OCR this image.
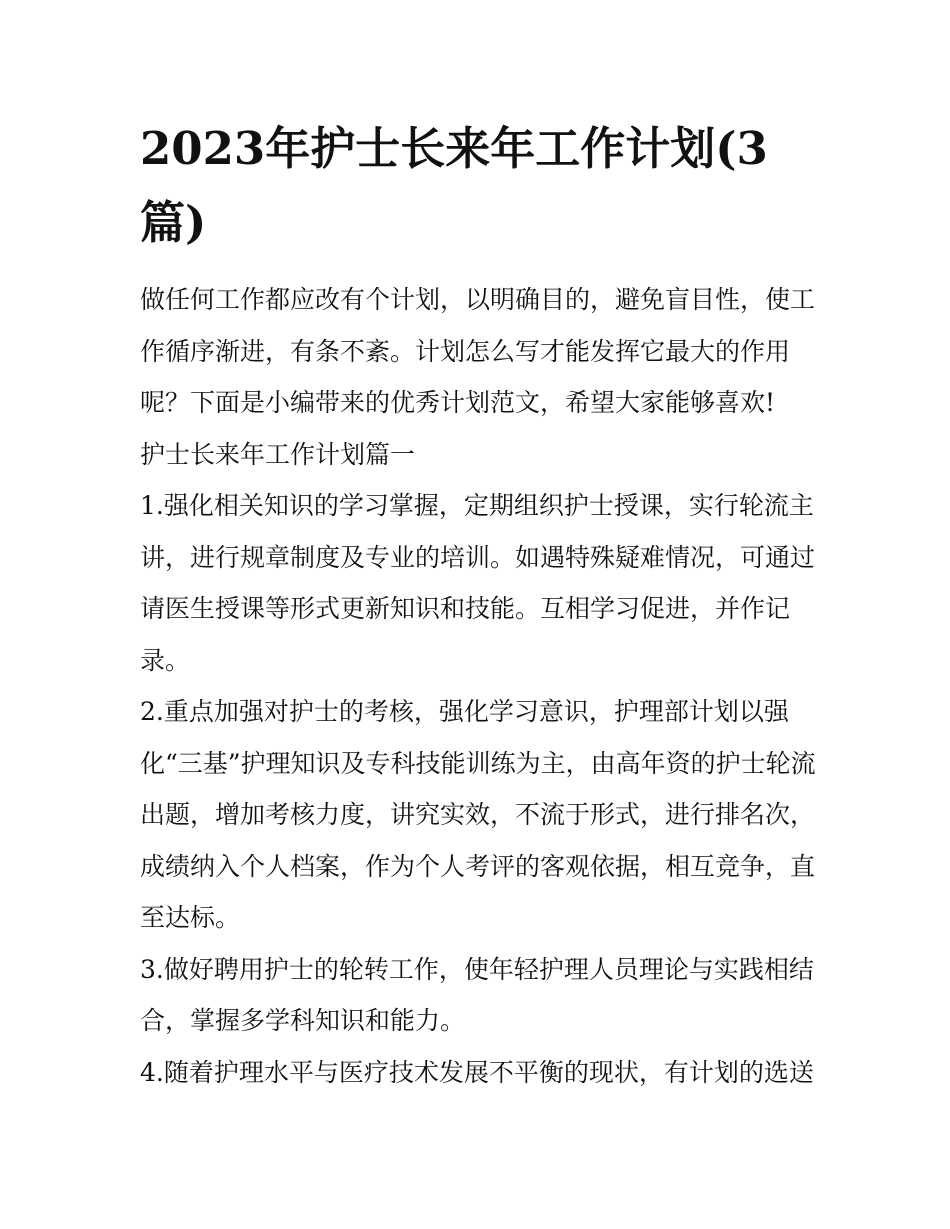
2023年护士长来年工作计划(3篇)

做任何工作都应改有个计划，以明确目的，避免盲目性，使工作循序渐进，有条不紊。计划怎么写才能发挥它最大的作用呢？下面是小编带来的优秀计划范文，希望大家能够喜欢!

护士长来年工作计划篇一

1.强化相关知识的学习掌握，定期组织护士授课，实行轮流主讲，进行规章制度及专业的培训。如遇特殊疑难情况，可通过请医生授课等形式更新知识和技能。互相学习促进，并作记录。

2.重点加强对护士的考核，强化学习意识，护理部计划以强化“三基”护理知识及专科技能训练为主，由高年资的护士轮流出题，增加考核力度，讲究实效，不流于形式，进行排名次，成绩纳入个人档案，作为个人考评的客观依据，相互竞争，直至达标。

3.做好聘用护士的轮转工作，使年轻护理人员理论与实践相结合，掌握多学科知识和能力。

4.随着护理水平与医疗技术发展不平衡的现状，有计划的选送
